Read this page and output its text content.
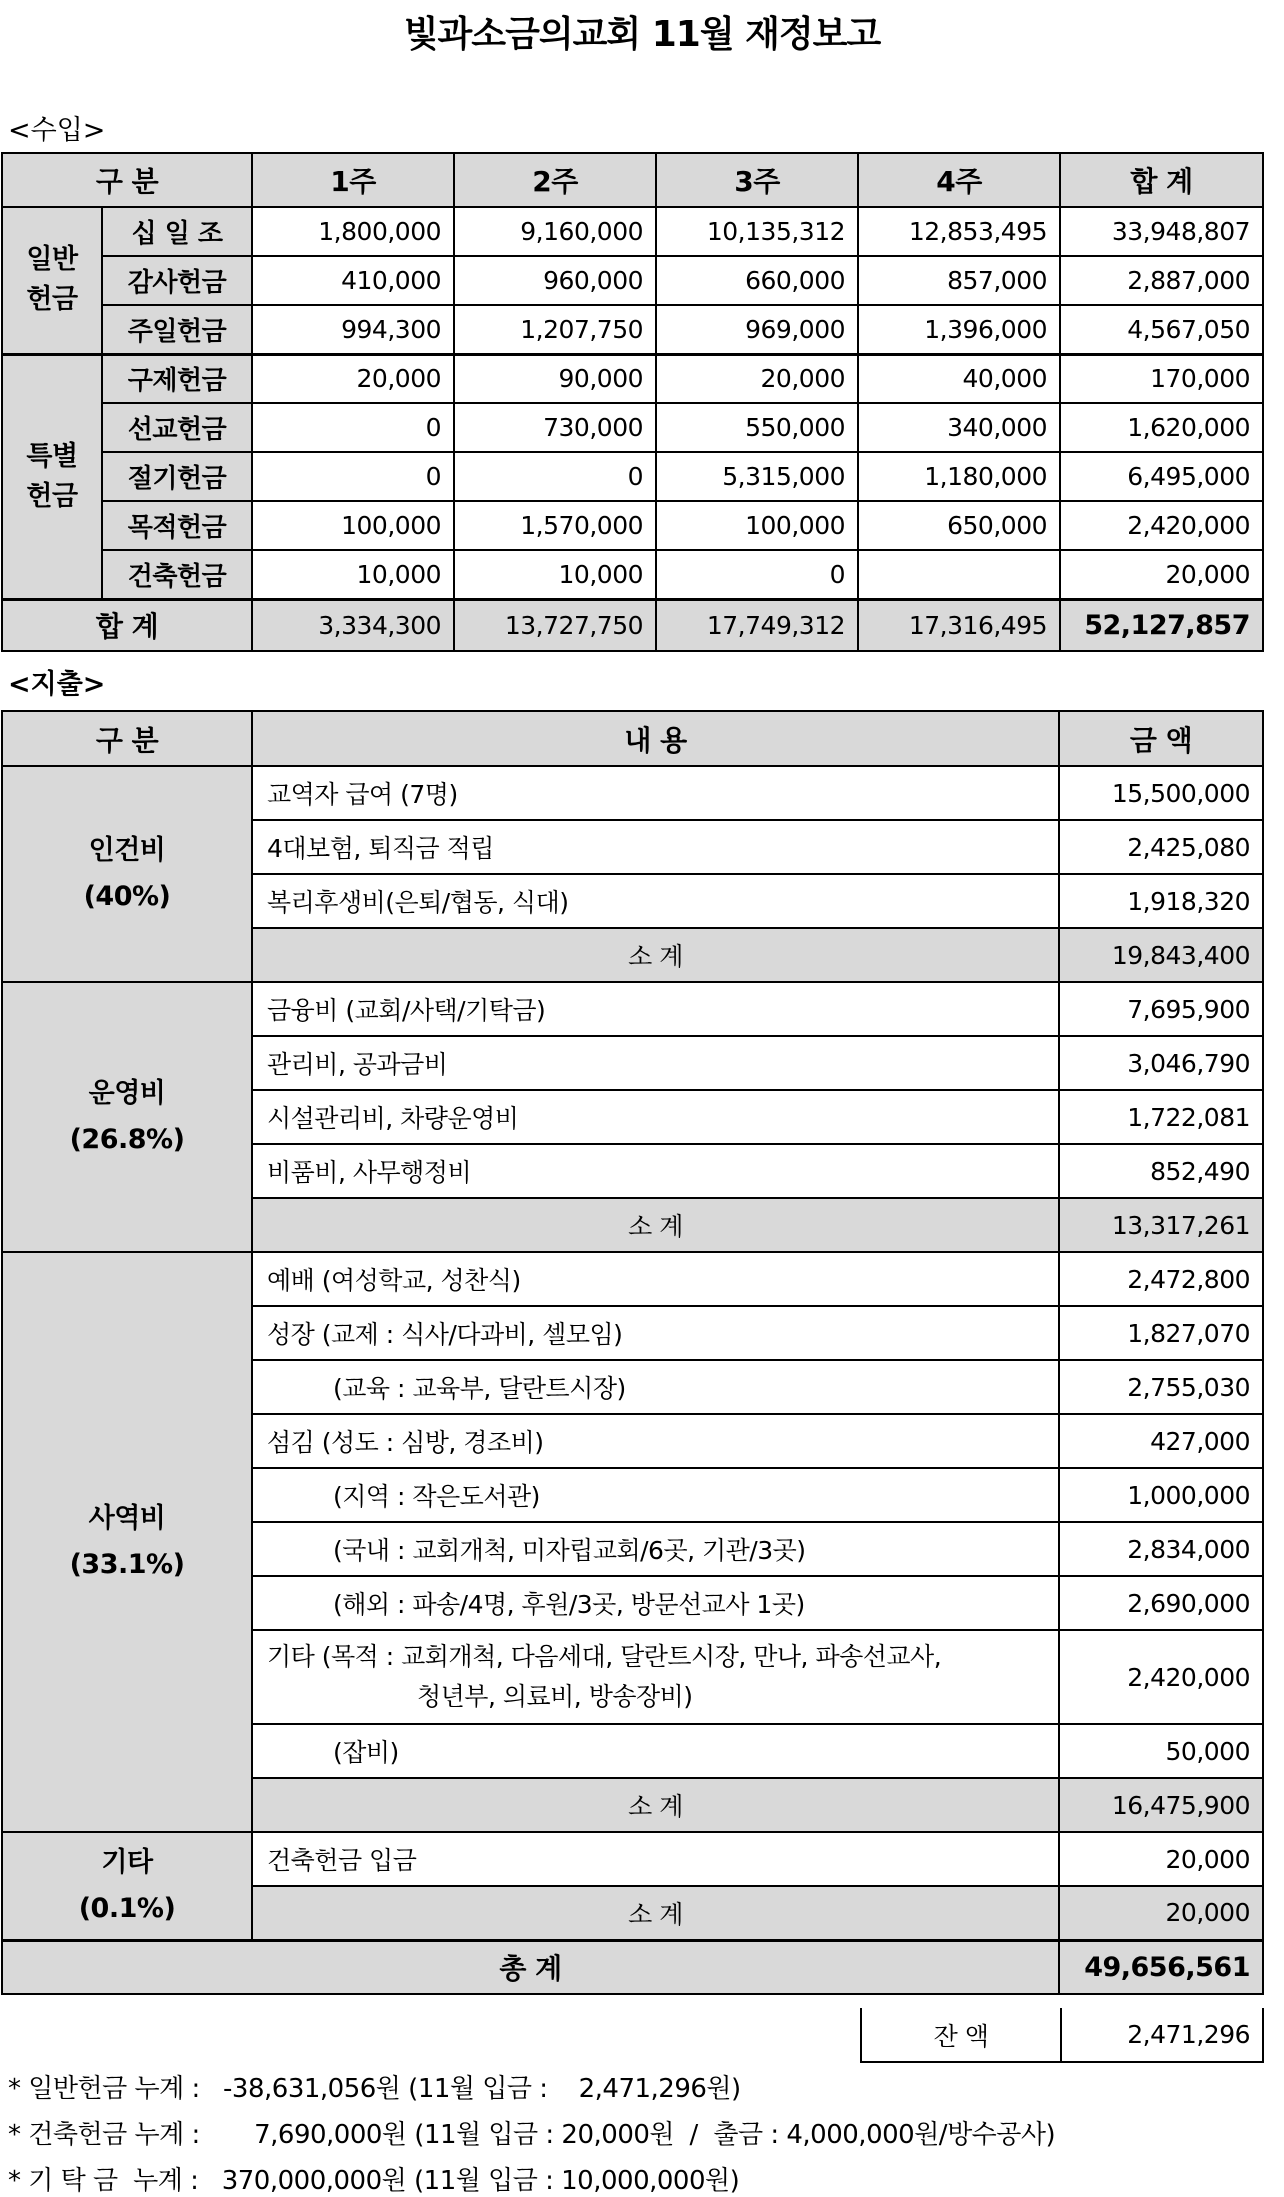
빛과소금의교회 11월 재정보고
<수입>
구 분		1주	2주	3주	4주	합 계
일반
헌금	십 일 조	1,800,000	9,160,000	10,135,312	12,853,495	33,948,807
	감사헌금	410,000	960,000	660,000	857,000	2,887,000
	주일헌금	994,300	1,207,750	969,000	1,396,000	4,567,050
특별
헌금	구제헌금	20,000	90,000	20,000	40,000	170,000
	선교헌금	0	730,000	550,000	340,000	1,620,000
	절기헌금	0	0	5,315,000	1,180,000	6,495,000
	목적헌금	100,000	1,570,000	100,000	650,000	2,420,000
	건축헌금	10,000	10,000	0		20,000
합 계		3,334,300	13,727,750	17,749,312	17,316,495	52,127,857
<지출>
구 분	내 용	금 액

인건비
(40%)	교역자 급여 (7명)	15,500,000
	4대보험, 퇴직금 적립	2,425,080
	복리후생비(은퇴/협동, 식대)	1,918,320
	소 계	19,843,400

운영비
(26.8%)	금융비 (교회/사택/기탁금)	7,695,900
	관리비, 공과금비	3,046,790
	시설관리비, 차량운영비	1,722,081
	비품비, 사무행정비	852,490
	소 계	13,317,261

사역비
(33.1%)	예배 (여성학교, 성찬식)	2,472,800
	성장 (교제 : 식사/다과비, 셀모임)	1,827,070
	(교육 : 교육부, 달란트시장)	2,755,030
	섬김 (성도 : 심방, 경조비)	427,000
	(지역 : 작은도서관)	1,000,000
	(국내 : 교회개척, 미자립교회/6곳, 기관/3곳)	2,834,000
	(해외 : 파송/4명, 후원/3곳, 방문선교사 1곳)	2,690,000

	기타 (목적 : 교회개척, 다음세대, 달란트시장, 만나, 파송선교사,
청년부, 의료비, 방송장비)	2,420,000
	(잡비)	50,000
	소 계	16,475,900

기타
(0.1%)	건축헌금 입금	20,000
	소 계	20,000
총 계		49,656,561
잔 액	2,471,296
* 일반헌금 누계 :   -38,631,056원 (11월 입금 :    2,471,296원)
* 건축헌금 누계 :       7,690,000원 (11월 입금 : 20,000원  /  출금 : 4,000,000원/방수공사)
* 기 탁 금  누계 :   370,000,000원 (11월 입금 : 10,000,000원)
